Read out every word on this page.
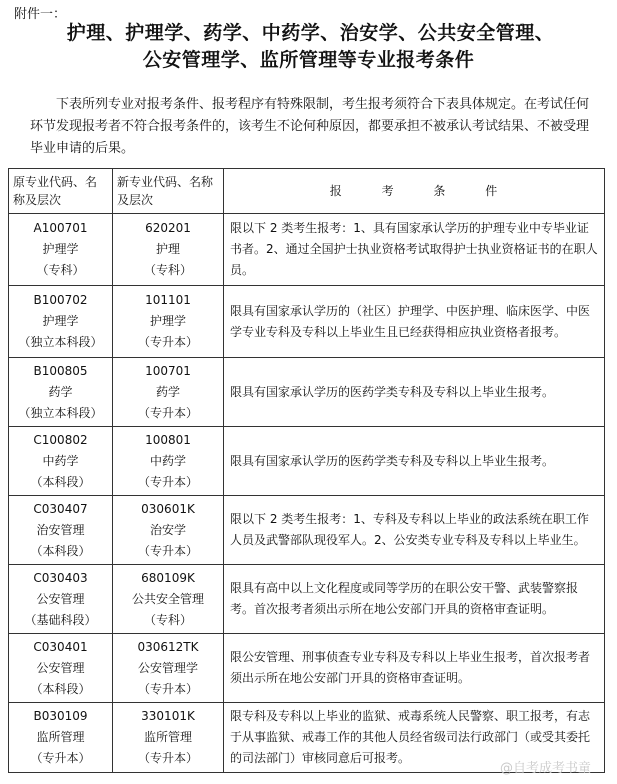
附件一：
护理、护理学、药学、中药学、治安学、公共安全管理、
公安管理学、监所管理等专业报考条件

下表所列专业对报考条件、报考程序有特殊限制，考生报考须符合下表具体规定。在考试任何环节发现报考者不符合报考条件的，该考生不论何种原因，都要承担不被承认考试结果、不被受理毕业申请的后果。

原专业代码、名称及层次	新专业代码、名称及层次	报 考 条 件

A100701
护理学
（专科）	620201
护理
（专科）	限以下 2 类考生报考：1、具有国家承认学历的护理专业中专毕业证书者。2、通过全国护士执业资格考试取得护士执业资格证书的在职人员。

B100702
护理学
（独立本科段）	101101
护理学
（专升本）	限具有国家承认学历的（社区）护理学、中医护理、临床医学、中医学专业专科及专科以上毕业生且已经获得相应执业资格者报考。

B100805
药学
（独立本科段）	100701
药学
（专升本）	限具有国家承认学历的医药学类专科及专科以上毕业生报考。

C100802
中药学
（本科段）	100801
中药学
（专升本）	限具有国家承认学历的医药学类专科及专科以上毕业生报考。

C030407
治安管理
（本科段）	030601K
治安学
（专升本）	限以下 2 类考生报考：1、专科及专科以上毕业的政法系统在职工作人员及武警部队现役军人。2、公安类专业专科及专科以上毕业生。

C030403
公安管理
（基础科段）	680109K
公共安全管理
（专科）	限具有高中以上文化程度或同等学历的在职公安干警、武装警察报考。首次报考者须出示所在地公安部门开具的资格审查证明。

C030401
公安管理
（本科段）	030612TK
公安管理学
（专升本）	限公安管理、刑事侦查专业专科及专科以上毕业生报考，首次报考者须出示所在地公安部门开具的资格审查证明。

B030109
监所管理
（专升本）	330101K
监所管理
（专升本）	限专科及专科以上毕业的监狱、戒毒系统人民警察、职工报考，有志于从事监狱、戒毒工作的其他人员经省级司法行政部门（或受其委托的司法部门）审核同意后可报考。
@自考成考书童
